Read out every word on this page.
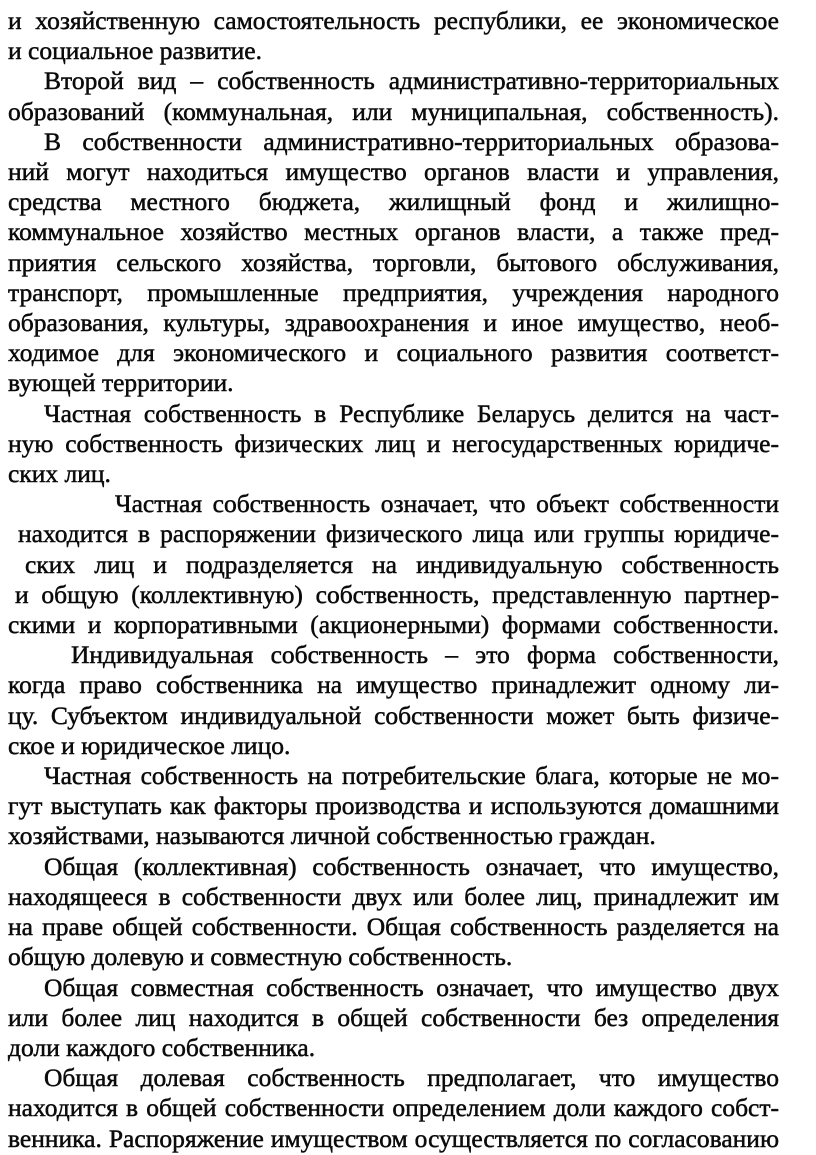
и хозяйственную самостоятельность республики, ее экономическое
и социальное развитие.
Второй вид – собственность административно-территориальных
образований (коммунальная, или муниципальная, собственность).
В собственности административно-территориальных образова-
ний могут находиться имущество органов власти и управления,
средства местного бюджета, жилищный фонд и жилищно-
коммунальное хозяйство местных органов власти, а также пред-
приятия сельского хозяйства, торговли, бытового обслуживания,
транспорт, промышленные предприятия, учреждения народного
образования, культуры, здравоохранения и иное имущество, необ-
ходимое для экономического и социального развития соответст-
вующей территории.
Частная собственность в Республике Беларусь делится на част-
ную собственность физических лиц и негосударственных юридиче-
ских лиц.
Частная собственность означает, что объект собственности
находится в распоряжении физического лица или группы юридиче-
ских лиц и подразделяется на индивидуальную собственность
и общую (коллективную) собственность, представленную партнер-
скими и корпоративными (акционерными) формами собственности.
Индивидуальная собственность – это форма собственности,
когда право собственника на имущество принадлежит одному ли-
цу. Субъектом индивидуальной собственности может быть физиче-
ское и юридическое лицо.
Частная собственность на потребительские блага, которые не мо-
гут выступать как факторы производства и используются домашними
хозяйствами, называются личной собственностью граждан.
Общая (коллективная) собственность означает, что имущество,
находящееся в собственности двух или более лиц, принадлежит им
на праве общей собственности. Общая собственность разделяется на
общую долевую и совместную собственность.
Общая совместная собственность означает, что имущество двух
или более лиц находится в общей собственности без определения
доли каждого собственника.
Общая долевая собственность предполагает, что имущество
находится в общей собственности определением доли каждого собст-
венника. Распоряжение имуществом осуществляется по согласованию
